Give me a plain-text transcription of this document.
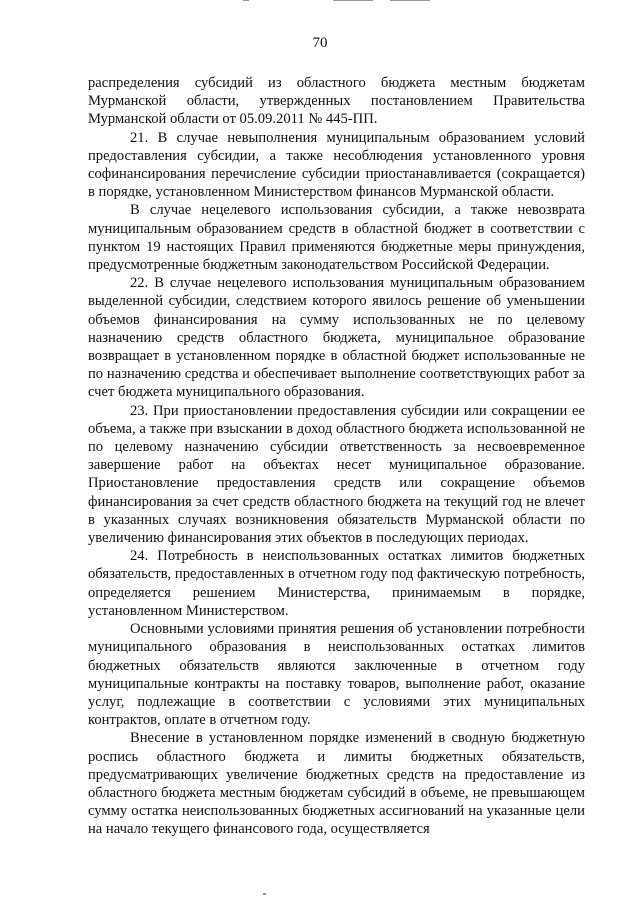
70

распределения субсидий из областного бюджета местным бюджетам Мурманской области, утвержденных постановлением Правительства Мурманской области от 05.09.2011 № 445-ПП.

21. В случае невыполнения муниципальным образованием условий предоставления субсидии, а также несоблюдения установленного уровня софинансирования перечисление субсидии приостанавливается (сокращается) в порядке, установленном Министерством финансов Мурманской области.

В случае нецелевого использования субсидии, а также невозврата муниципальным образованием средств в областной бюджет в соответствии с пунктом 19 настоящих Правил применяются бюджетные меры принуждения, предусмотренные бюджетным законодательством Российской Федерации.

22. В случае нецелевого использования муниципальным образованием выделенной субсидии, следствием которого явилось решение об уменьшении объемов финансирования на сумму использованных не по целевому назначению средств областного бюджета, муниципальное образование возвращает в установленном порядке в областной бюджет использованные не по назначению средства и обеспечивает выполнение соответствующих работ за счет бюджета муниципального образования.

23. При приостановлении предоставления субсидии или сокращении ее объема, а также при взыскании в доход областного бюджета использованной не по целевому назначению субсидии ответственность за несвоевременное завершение работ на объектах несет муниципальное образование. Приостановление предоставления средств или сокращение объемов финансирования за счет средств областного бюджета на текущий год не влечет в указанных случаях возникновения обязательств Мурманской области по увеличению финансирования этих объектов в последующих периодах.

24. Потребность в неиспользованных остатках лимитов бюджетных обязательств, предоставленных в отчетном году под фактическую потребность, определяется решением Министерства, принимаемым в порядке, установленном Министерством.

Основными условиями принятия решения об установлении потребности муниципального образования в неиспользованных остатках лимитов бюджетных обязательств являются заключенные в отчетном году муниципальные контракты на поставку товаров, выполнение работ, оказание услуг, подлежащие в соответствии с условиями этих муниципальных контрактов, оплате в отчетном году.

Внесение в установленном порядке изменений в сводную бюджетную роспись областного бюджета и лимиты бюджетных обязательств, предусматривающих увеличение бюджетных средств на предоставление из областного бюджета местным бюджетам субсидий в объеме, не превышающем сумму остатка неиспользованных бюджетных ассигнований на указанные цели на начало текущего финансового года, осуществляется
